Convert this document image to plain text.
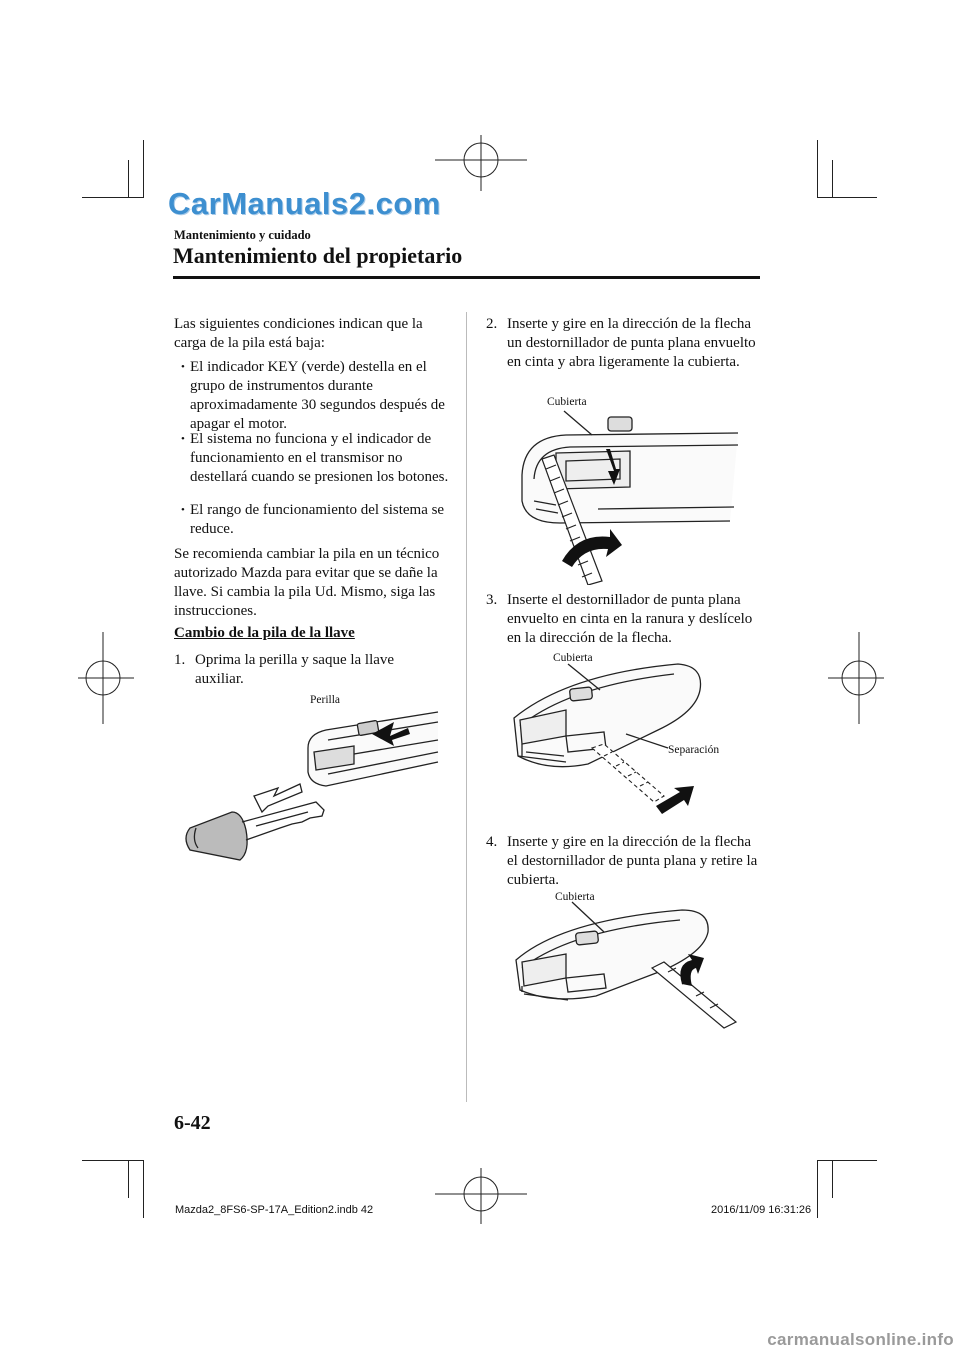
CarManuals2.com
Mantenimiento y cuidado
Mantenimiento del propietario
Las siguientes condiciones indican que la carga de la pila está baja:
• El indicador KEY (verde) destella en el grupo de instrumentos durante aproximadamente 30 segundos después de apagar el motor.
• El sistema no funciona y el indicador de funcionamiento en el transmisor no destellará cuando se presionen los botones.
• El rango de funcionamiento del sistema se reduce.
Se recomienda cambiar la pila en un técnico autorizado Mazda para evitar que se dañe la llave. Si cambia la pila Ud. Mismo, siga las instrucciones.
Cambio de la pila de la llave
1. Oprima la perilla y saque la llave auxiliar.
Perilla
2. Inserte y gire en la dirección de la flecha un destornillador de punta plana envuelto en cinta y abra ligeramente la cubierta.
Cubierta
3. Inserte el destornillador de punta plana envuelto en cinta en la ranura y deslícelo en la dirección de la flecha.
Cubierta
Separación
4. Inserte y gire en la dirección de la flecha el destornillador de punta plana y retire la cubierta.
Cubierta
6-42
Mazda2_8FS6-SP-17A_Edition2.indb 42	2016/11/09 16:31:26
carmanualsonline.info
